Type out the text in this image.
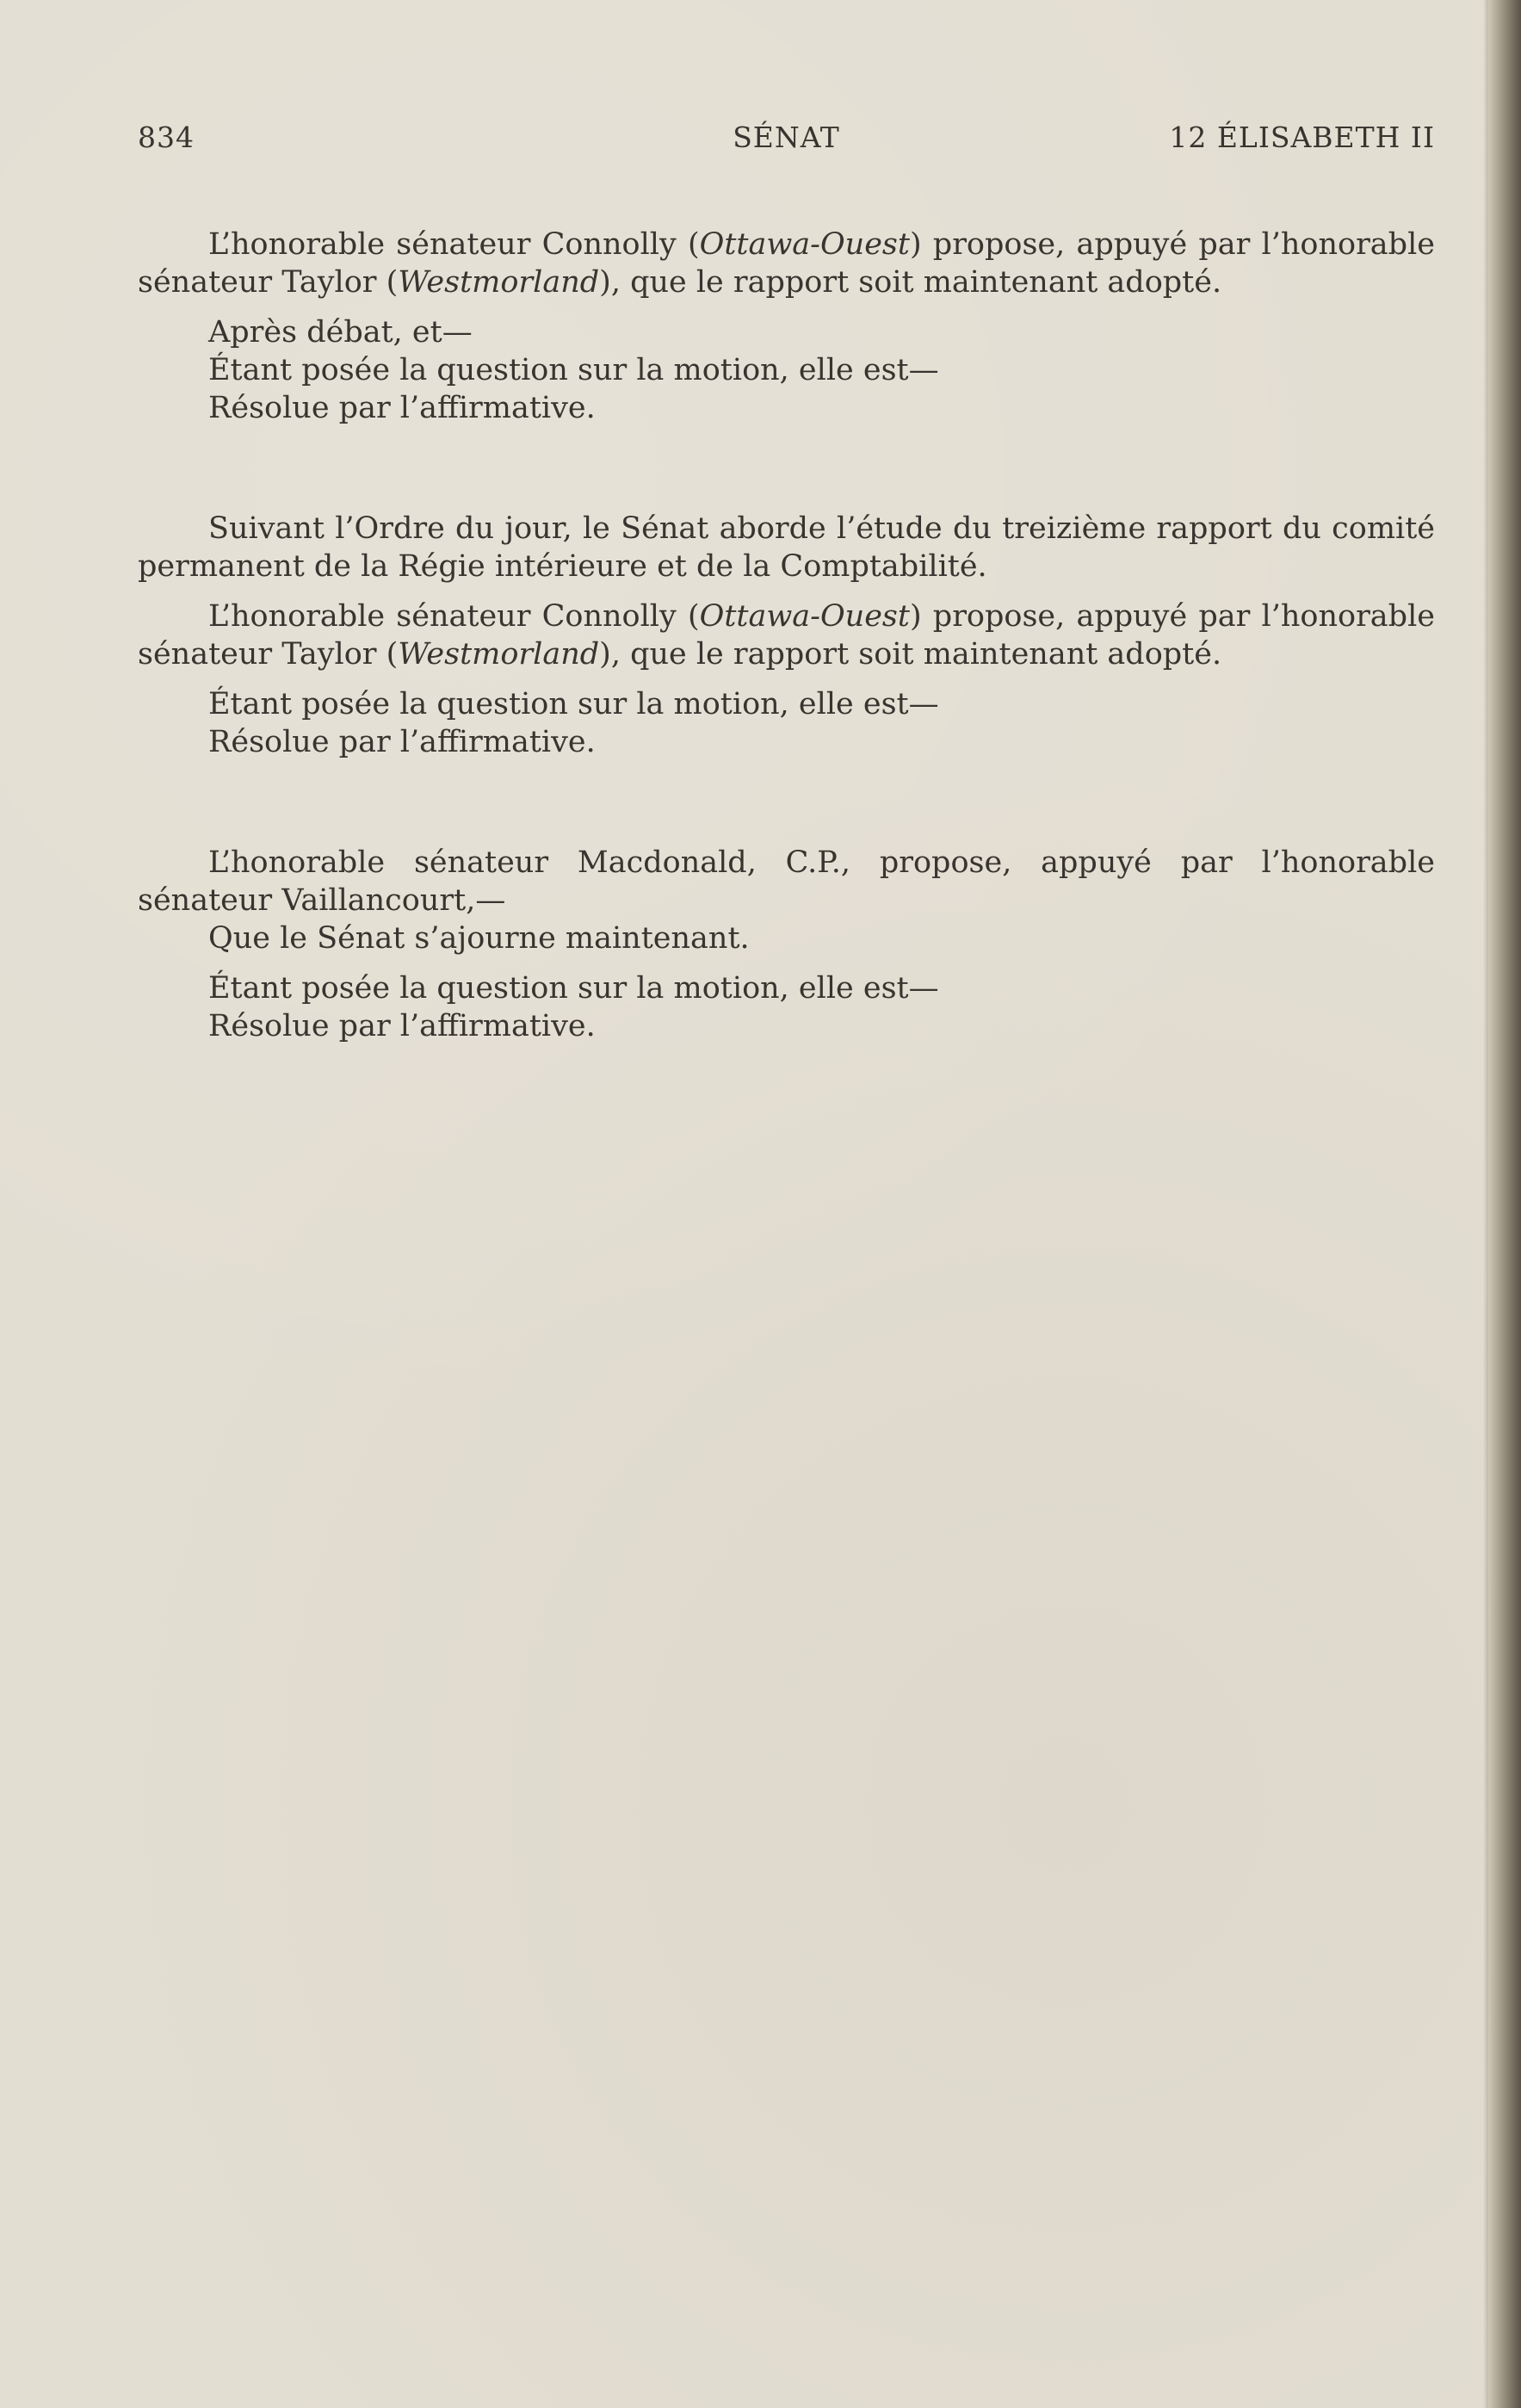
834	SÉNAT	12 ÉLISABETH II

L’honorable sénateur Connolly (Ottawa-Ouest) propose, appuyé par l’honorable sénateur Taylor (Westmorland), que le rapport soit maintenant adopté.

Après débat, et—

Étant posée la question sur la motion, elle est—

Résolue par l’affirmative.

Suivant l’Ordre du jour, le Sénat aborde l’étude du treizième rapport du comité permanent de la Régie intérieure et de la Comptabilité.

L’honorable sénateur Connolly (Ottawa-Ouest) propose, appuyé par l’honorable sénateur Taylor (Westmorland), que le rapport soit maintenant adopté.

Étant posée la question sur la motion, elle est—

Résolue par l’affirmative.

L’honorable sénateur Macdonald, C.P., propose, appuyé par l’honorable sénateur Vaillancourt,—

Que le Sénat s’ajourne maintenant.

Étant posée la question sur la motion, elle est—

Résolue par l’affirmative.
